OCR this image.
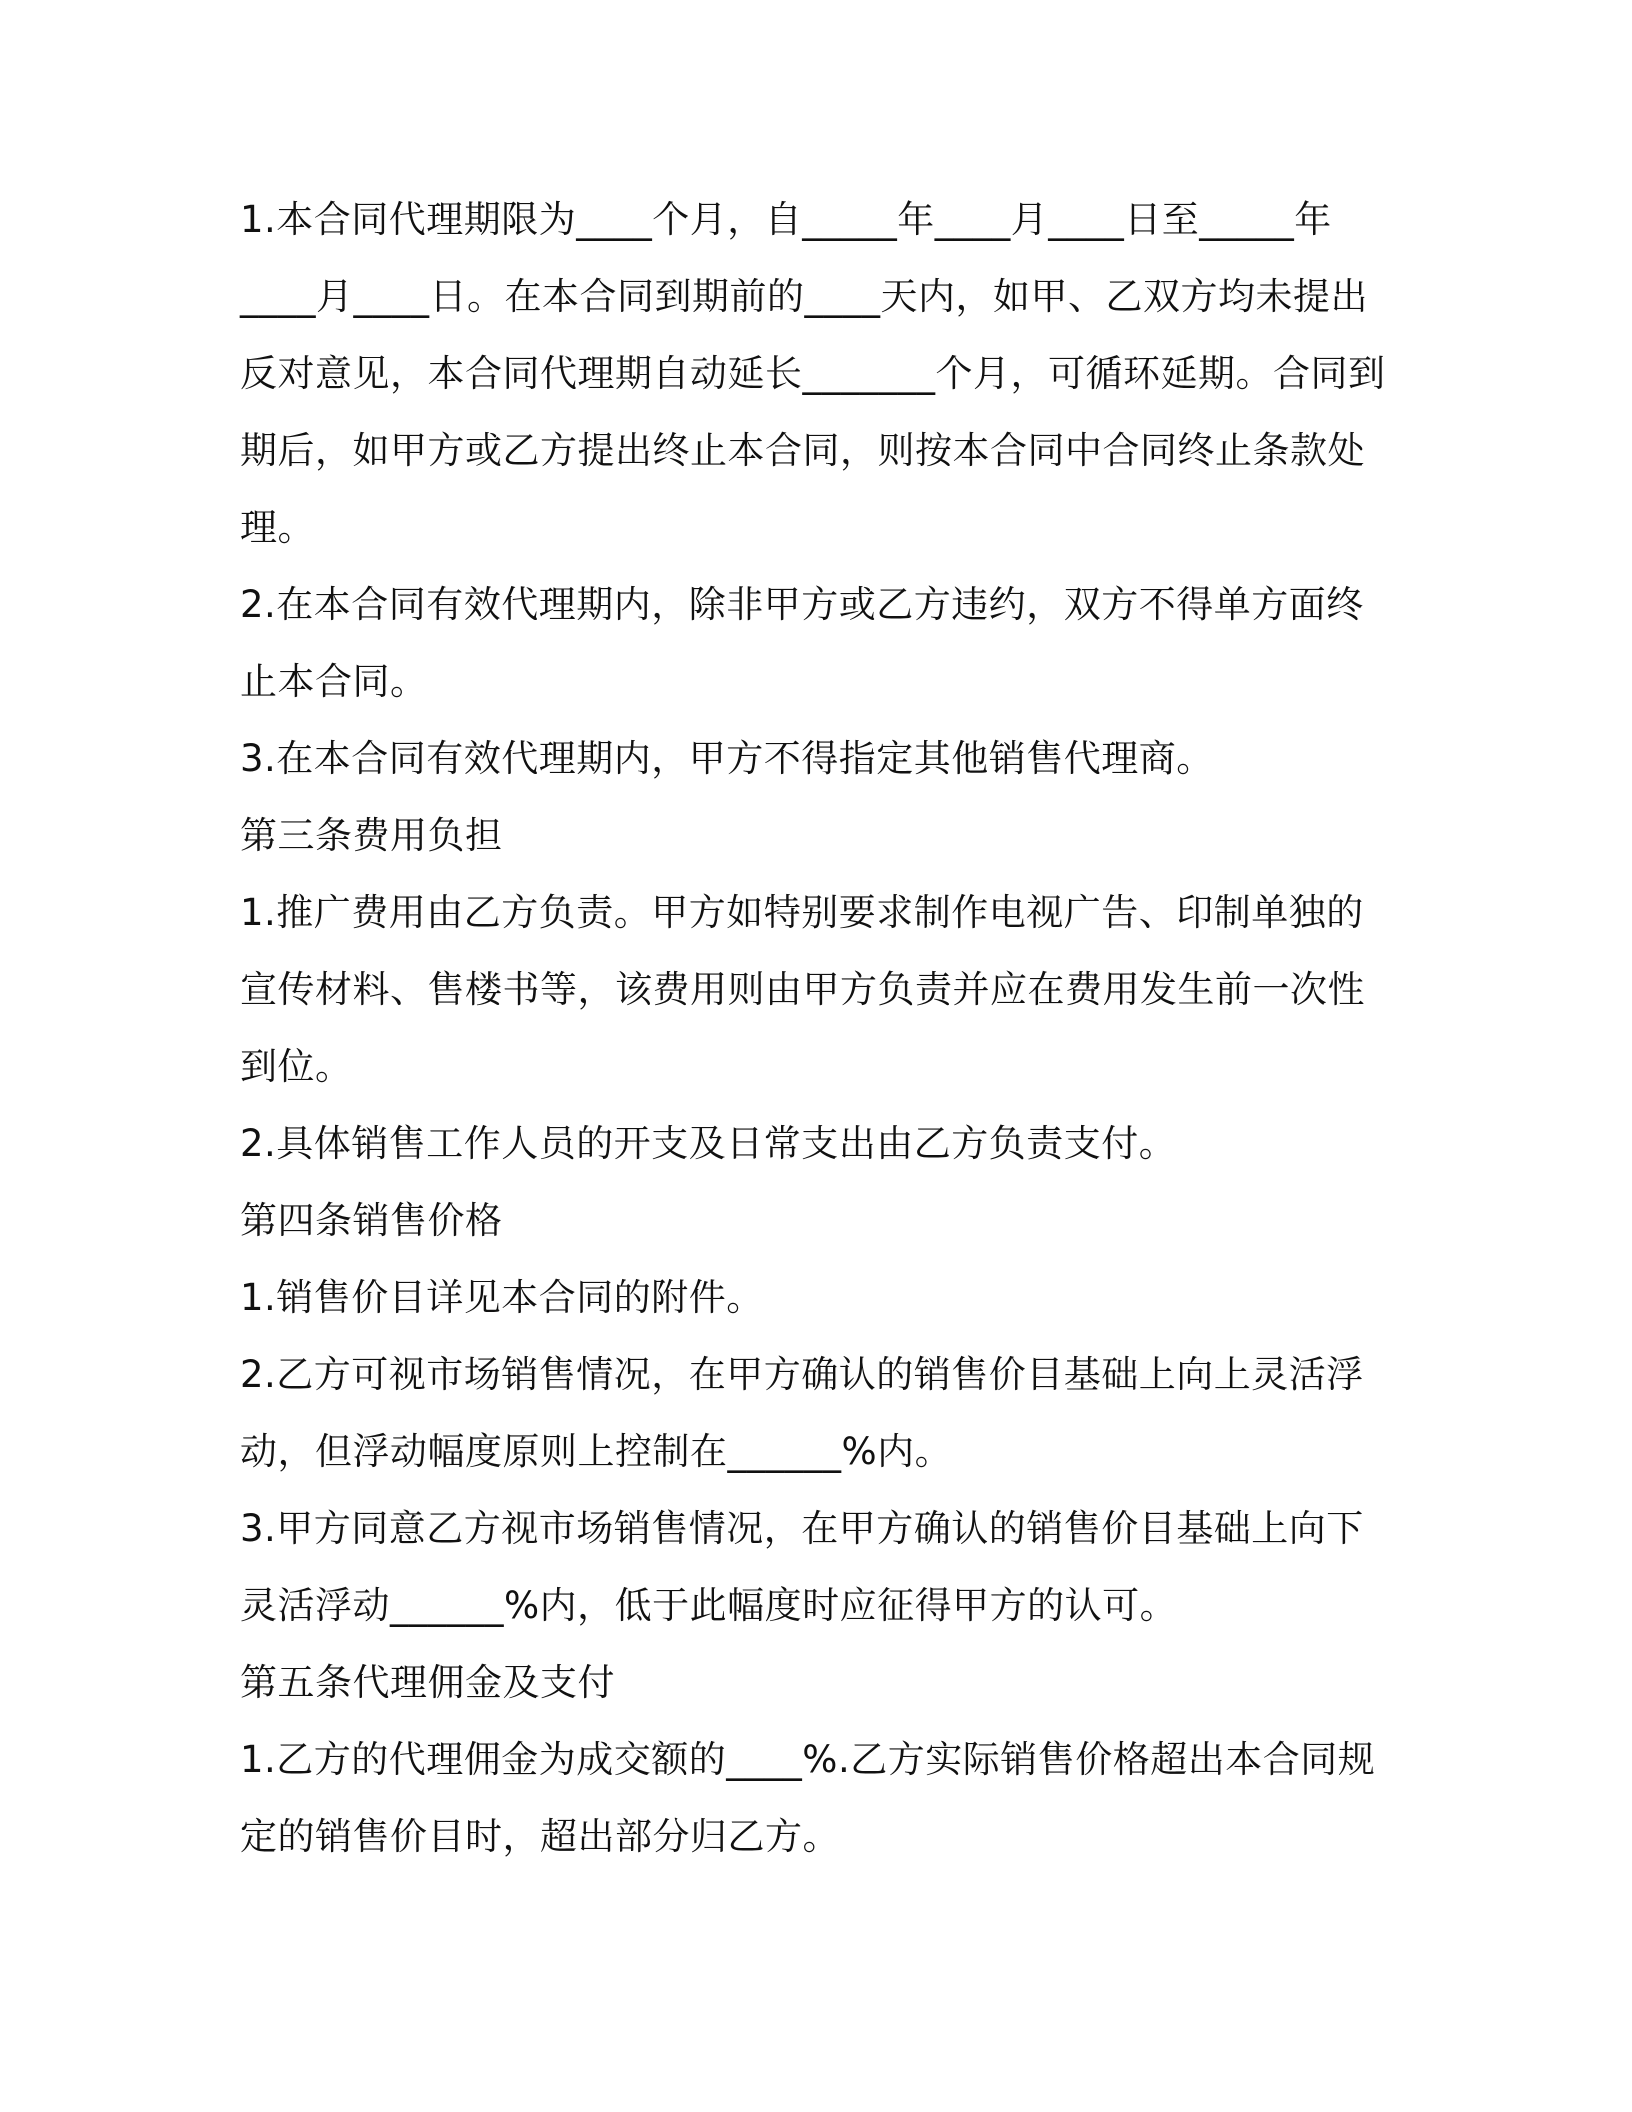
1.本合同代理期限为____个月，自_____年____月____日至_____年____月____日。在本合同到期前的____天内，如甲、乙双方均未提出反对意见，本合同代理期自动延长_______个月，可循环延期。合同到期后，如甲方或乙方提出终止本合同，则按本合同中合同终止条款处理。

2.在本合同有效代理期内，除非甲方或乙方违约，双方不得单方面终止本合同。

3.在本合同有效代理期内，甲方不得指定其他销售代理商。

第三条费用负担

1.推广费用由乙方负责。甲方如特别要求制作电视广告、印制单独的宣传材料、售楼书等，该费用则由甲方负责并应在费用发生前一次性到位。

2.具体销售工作人员的开支及日常支出由乙方负责支付。

第四条销售价格

1.销售价目详见本合同的附件。

2.乙方可视市场销售情况，在甲方确认的销售价目基础上向上灵活浮动，但浮动幅度原则上控制在______%内。

3.甲方同意乙方视市场销售情况，在甲方确认的销售价目基础上向下灵活浮动______%内，低于此幅度时应征得甲方的认可。

第五条代理佣金及支付

1.乙方的代理佣金为成交额的____%.乙方实际销售价格超出本合同规定的销售价目时，超出部分归乙方。
